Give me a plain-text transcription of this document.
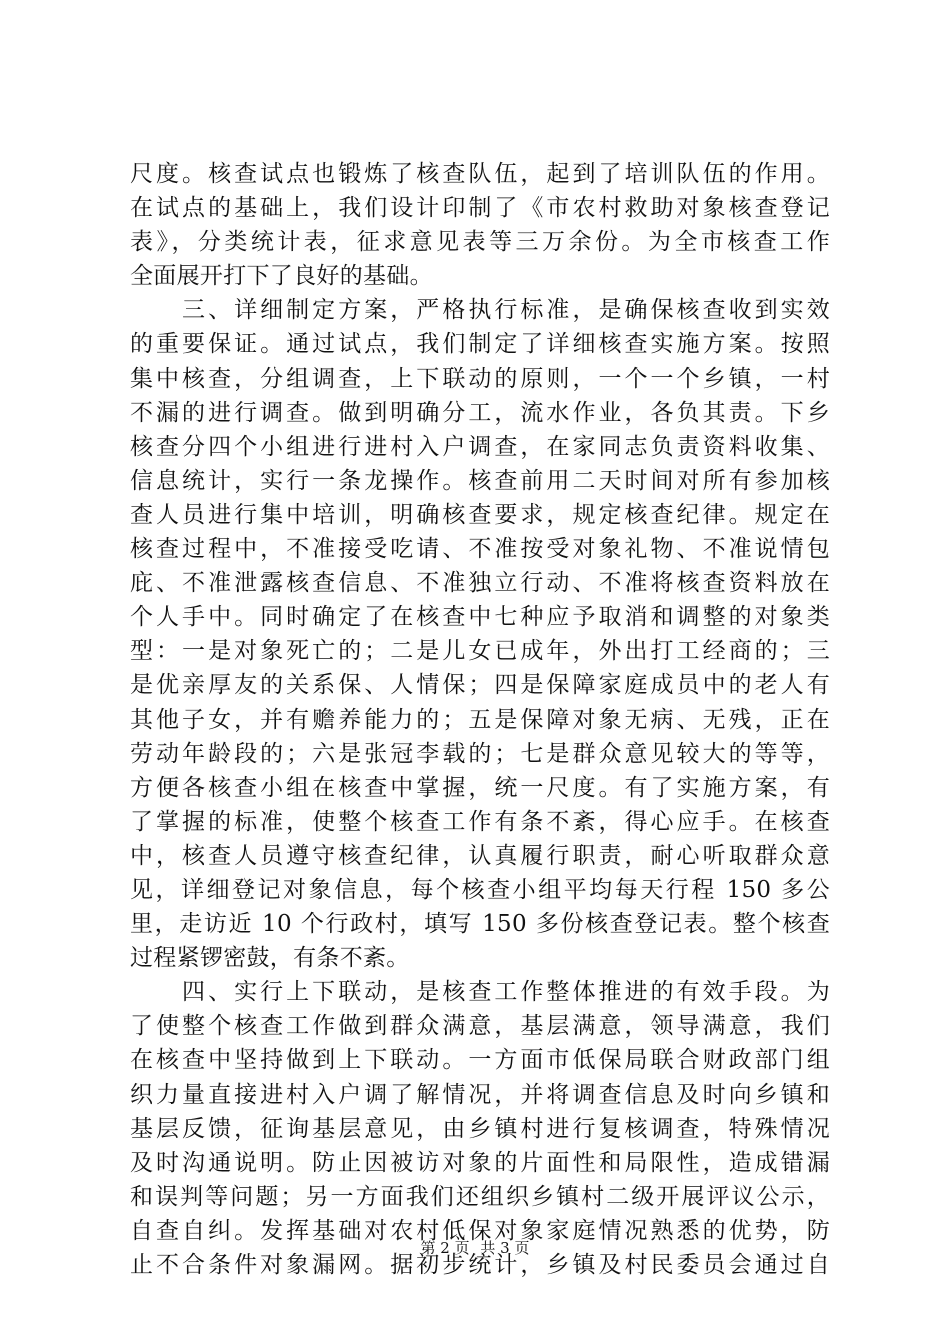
尺度。核查试点也锻炼了核查队伍，起到了培训队伍的作用。
在试点的基础上，我们设计印制了《市农村救助对象核查登记
表》，分类统计表，征求意见表等三万余份。为全市核查工作
全面展开打下了良好的基础。
　　三、详细制定方案，严格执行标准，是确保核查收到实效
的重要保证。通过试点，我们制定了详细核查实施方案。按照
集中核查，分组调查，上下联动的原则，一个一个乡镇，一村
不漏的进行调查。做到明确分工，流水作业，各负其责。下乡
核查分四个小组进行进村入户调查，在家同志负责资料收集、
信息统计，实行一条龙操作。核查前用二天时间对所有参加核
查人员进行集中培训，明确核查要求，规定核查纪律。规定在
核查过程中，不准接受吃请、不准按受对象礼物、不准说情包
庇、不准泄露核查信息、不准独立行动、不准将核查资料放在
个人手中。同时确定了在核查中七种应予取消和调整的对象类
型：一是对象死亡的；二是儿女已成年，外出打工经商的；三
是优亲厚友的关系保、人情保；四是保障家庭成员中的老人有
其他子女，并有赡养能力的；五是保障对象无病、无残，正在
劳动年龄段的；六是张冠李载的；七是群众意见较大的等等，
方便各核查小组在核查中掌握，统一尺度。有了实施方案，有
了掌握的标准，使整个核查工作有条不紊，得心应手。在核查
中，核查人员遵守核查纪律，认真履行职责，耐心听取群众意
见，详细登记对象信息，每个核查小组平均每天行程 150 多公
里，走访近 10 个行政村，填写 150 多份核查登记表。整个核查
过程紧锣密鼓，有条不紊。
　　四、实行上下联动，是核查工作整体推进的有效手段。为
了使整个核查工作做到群众满意，基层满意，领导满意，我们
在核查中坚持做到上下联动。一方面市低保局联合财政部门组
织力量直接进村入户调了解情况，并将调查信息及时向乡镇和
基层反馈，征询基层意见，由乡镇村进行复核调查，特殊情况
及时沟通说明。防止因被访对象的片面性和局限性，造成错漏
和误判等问题；另一方面我们还组织乡镇村二级开展评议公示，
自查自纠。发挥基础对农村低保对象家庭情况熟悉的优势，防
止不合条件对象漏网。据初步统计，乡镇及村民委员会通过自
第 2 页 共 3 页
